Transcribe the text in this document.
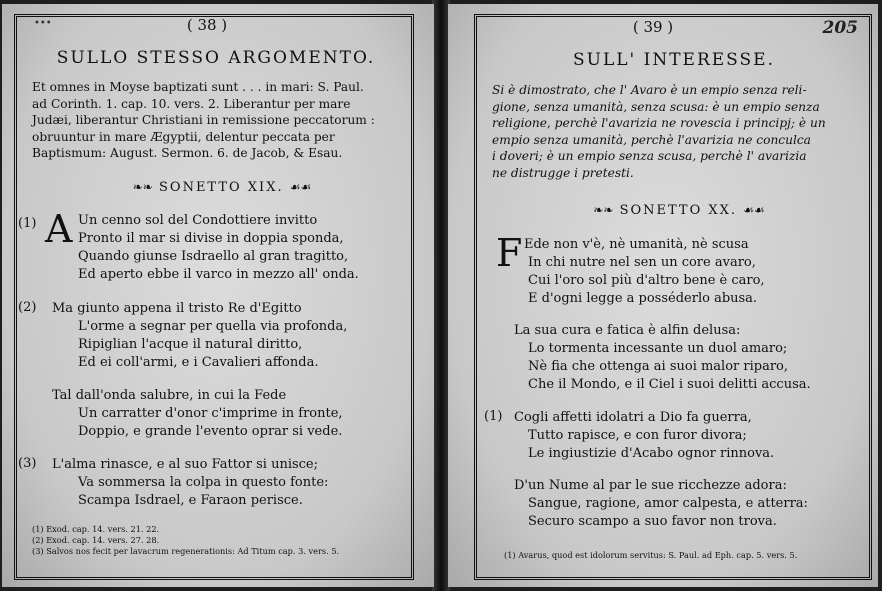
•••	( 38 )
SULLO STESSO ARGOMENTO.
Et omnes in Moyse baptizati sunt . . . in mari: S. Paul.
ad Corinth. 1. cap. 10. vers. 2. Liberantur per mare
Judæi, liberantur Christiani in remissione peccatorum :
obruuntur in mare Ægyptii, delentur peccata per
Baptismum: August. Sermon. 6. de Jacob, & Esau.
❧❧ SONETTO XIX. ☙☙
(1) A Un cenno sol del Condottiere invitto
Pronto il mar si divise in doppia sponda,
Quando giunse Isdraello al gran tragitto,
Ed aperto ebbe il varco in mezzo all' onda.
(2) Ma giunto appena il tristo Re d'Egitto
L'orme a segnar per quella via profonda,
Ripiglian l'acque il natural diritto,
Ed ei coll'armi, e i Cavalieri affonda.
Tal dall'onda salubre, in cui la Fede
Un carratter d'onor c'imprime in fronte,
Doppio, e grande l'evento oprar si vede.
(3) L'alma rinasce, e al suo Fattor si unisce;
Va sommersa la colpa in questo fonte:
Scampa Isdrael, e Faraon perisce.
(1) Exod. cap. 14. vers. 21. 22.
(2) Exod. cap. 14. vers. 27. 28.
(3) Salvos nos fecit per lavacrum regenerationis: Ad Titum cap. 3. vers. 5.
( 39 )	205
SULL' INTERESSE.
Si è dimostrato, che l' Avaro è un empio senza reli-
gione, senza umanità, senza scusa: è un empio senza
religione, perchè l'avarizia ne rovescia i principj; è un
empio senza umanità, perchè l'avarizia ne conculca
i doveri; è un empio senza scusa, perchè l' avarizia
ne distrugge i pretesti.
❧❧ SONETTO XX. ☙☙
F Ede non v'è, nè umanità, nè scusa
In chi nutre nel sen un core avaro,
Cui l'oro sol più d'altro bene è caro,
E d'ogni legge a posséderlo abusa.
La sua cura e fatica è alfin delusa:
Lo tormenta incessante un duol amaro;
Nè fia che ottenga ai suoi malor riparo,
Che il Mondo, e il Ciel i suoi delitti accusa.
(1) Cogli affetti idolatri a Dio fa guerra,
Tutto rapisce, e con furor divora;
Le ingiustizie d'Acabo ognor rinnova.
D'un Nume al par le sue ricchezze adora:
Sangue, ragione, amor calpesta, e atterra:
Securo scampo a suo favor non trova.
(1) Avarus, quod est idolorum servitus: S. Paul. ad Eph. cap. 5. vers. 5.
